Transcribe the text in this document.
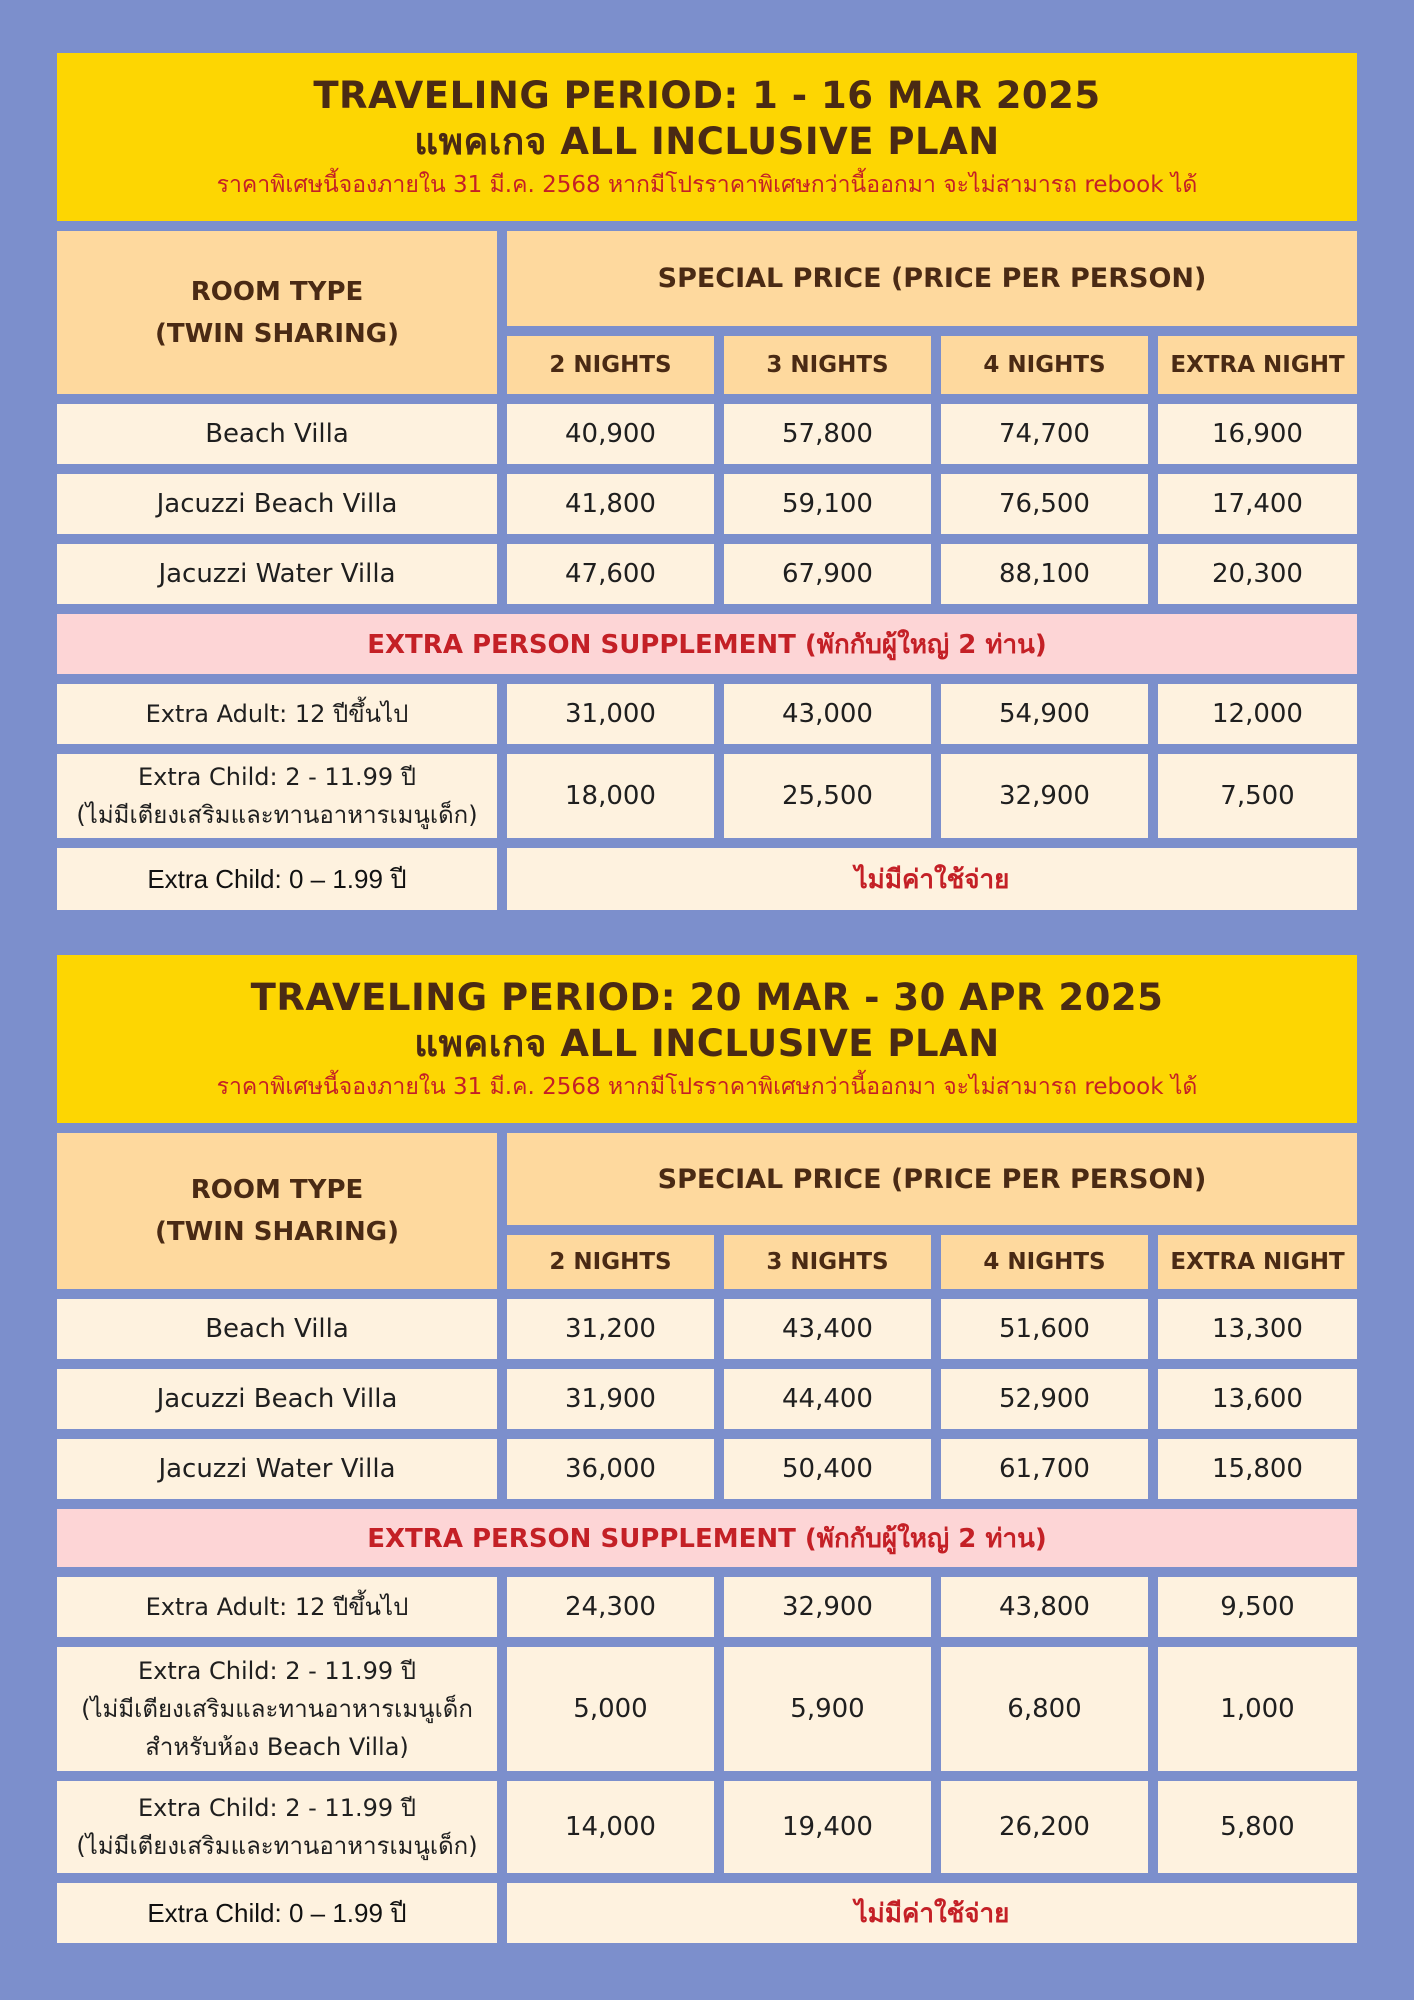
TRAVELING PERIOD: 1 - 16 MAR 2025
แพคเกจ ALL INCLUSIVE PLAN
ราคาพิเศษนี้จองภายใน 31 มี.ค. 2568 หากมีโปรราคาพิเศษกว่านี้ออกมา จะไม่สามารถ rebook ได้
ROOM TYPE
(TWIN SHARING)
SPECIAL PRICE (PRICE PER PERSON)
2 NIGHTS	3 NIGHTS	4 NIGHTS	EXTRA NIGHT
Beach Villa	40,900	57,800	74,700	16,900
Jacuzzi Beach Villa	41,800	59,100	76,500	17,400
Jacuzzi Water Villa	47,600	67,900	88,100	20,300
EXTRA PERSON SUPPLEMENT (พักกับผู้ใหญ่ 2 ท่าน)
Extra Adult: 12 ปีขึ้นไป	31,000	43,000	54,900	12,000
Extra Child: 2 - 11.99 ปี
(ไม่มีเตียงเสริมและทานอาหารเมนูเด็ก)
18,000	25,500	32,900	7,500
Extra Child: 0 – 1.99 ปี	ไม่มีค่าใช้จ่าย
TRAVELING PERIOD: 20 MAR - 30 APR 2025
แพคเกจ ALL INCLUSIVE PLAN
ราคาพิเศษนี้จองภายใน 31 มี.ค. 2568 หากมีโปรราคาพิเศษกว่านี้ออกมา จะไม่สามารถ rebook ได้
ROOM TYPE
(TWIN SHARING)
SPECIAL PRICE (PRICE PER PERSON)
2 NIGHTS	3 NIGHTS	4 NIGHTS	EXTRA NIGHT
Beach Villa	31,200	43,400	51,600	13,300
Jacuzzi Beach Villa	31,900	44,400	52,900	13,600
Jacuzzi Water Villa	36,000	50,400	61,700	15,800
EXTRA PERSON SUPPLEMENT (พักกับผู้ใหญ่ 2 ท่าน)
Extra Adult: 12 ปีขึ้นไป	24,300	32,900	43,800	9,500
Extra Child: 2 - 11.99 ปี
(ไม่มีเตียงเสริมและทานอาหารเมนูเด็ก
สำหรับห้อง Beach Villa)
5,000	5,900	6,800	1,000
Extra Child: 2 - 11.99 ปี
(ไม่มีเตียงเสริมและทานอาหารเมนูเด็ก)
14,000	19,400	26,200	5,800
Extra Child: 0 – 1.99 ปี	ไม่มีค่าใช้จ่าย
